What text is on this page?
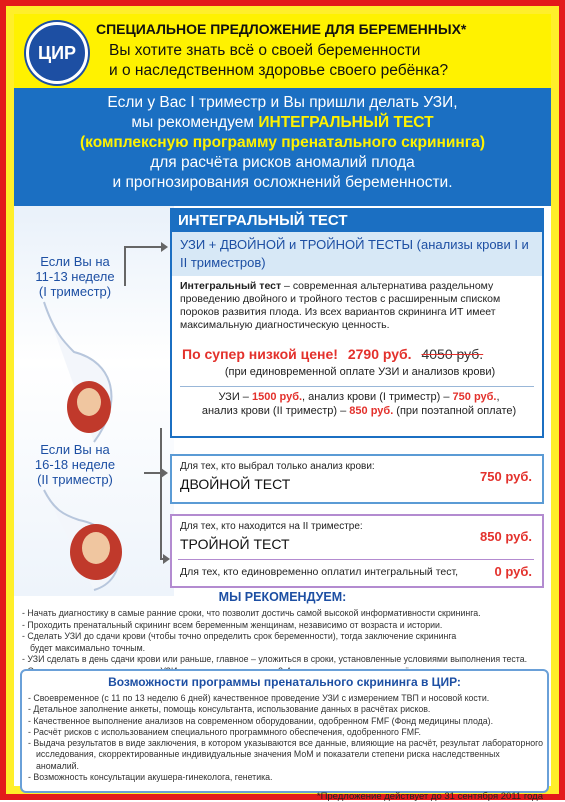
ЦИР
СПЕЦИАЛЬНОЕ ПРЕДЛОЖЕНИЕ ДЛЯ БЕРЕМЕННЫХ*
Вы хотите знать всё о своей беременности
и о наследственном здоровье своего ребёнка?
Если у Вас I триместр и Вы пришли делать УЗИ,
мы рекомендуем ИНТЕГРАЛЬНЫЙ ТЕСТ
(комплексную программу пренатального скрининга)
для расчёта рисков аномалий плода
и прогнозирования осложнений беременности.
Если Вы на
11-13 неделе
(I триместр)
Если Вы на
16-18 неделе
(II триместр)
ИНТЕГРАЛЬНЫЙ ТЕСТ
УЗИ + ДВОЙНОЙ и ТРОЙНОЙ ТЕСТЫ (анализы крови I и II триместров)
Интегральный тест – современная альтернатива раздельному проведению двойного и тройного тестов с расширенным списком пороков развития плода. Из всех вариантов скрининга ИТ имеет максимальную диагностическую ценность.
По супер низкой цене! 2790 руб. 4050 руб.
(при единовременной оплате УЗИ и анализов крови)
УЗИ – 1500 руб., анализ крови (I триместр) – 750 руб.,
анализ крови (II триместр) – 850 руб. (при поэтапной оплате)
Для тех, кто выбрал только анализ крови:
ДВОЙНОЙ ТЕСТ	750 руб.
Для тех, кто находится на II триместре:
ТРОЙНОЙ ТЕСТ	850 руб.
Для тех, кто единовременно оплатил интегральный тест,	0 руб.
МЫ РЕКОМЕНДУЕМ:
- Начать диагностику в самые ранние сроки, что позволит достичь самой высокой информативности скрининга.
- Проходить пренатальный скрининг всем беременным женщинам, независимо от возраста и истории.
- Сделать УЗИ до сдачи крови (чтобы точно определить срок беременности), тогда заключение скрининга
будет максимально точным.
- УЗИ сделать в день сдачи крови или раньше, главное – уложиться в сроки, установленные условиями выполнения теста.
Возможности программы пренатального скрининга в ЦИР:
- Своевременное (с 11 по 13 неделю 6 дней) качественное проведение УЗИ с измерением ТВП и носовой кости.
- Детальное заполнение анкеты, помощь консультанта, использование данных в расчётах рисков.
- Качественное выполнение анализов на современном оборудовании, одобренном FMF (Фонд медицины плода).
- Расчёт рисков с использованием специального программного обеспечения, одобренного FMF.
- Выдача результатов в виде заключения, в котором указываются все данные, влияющие на расчёт, результат лабораторного
исследования, скорректированные индивидуальные значения МоМ и показатели степени риска наследственных аномалий.
- Возможность консультации акушера-гинеколога, генетика.
*Предложение действует до 31 сентября 2011 года
